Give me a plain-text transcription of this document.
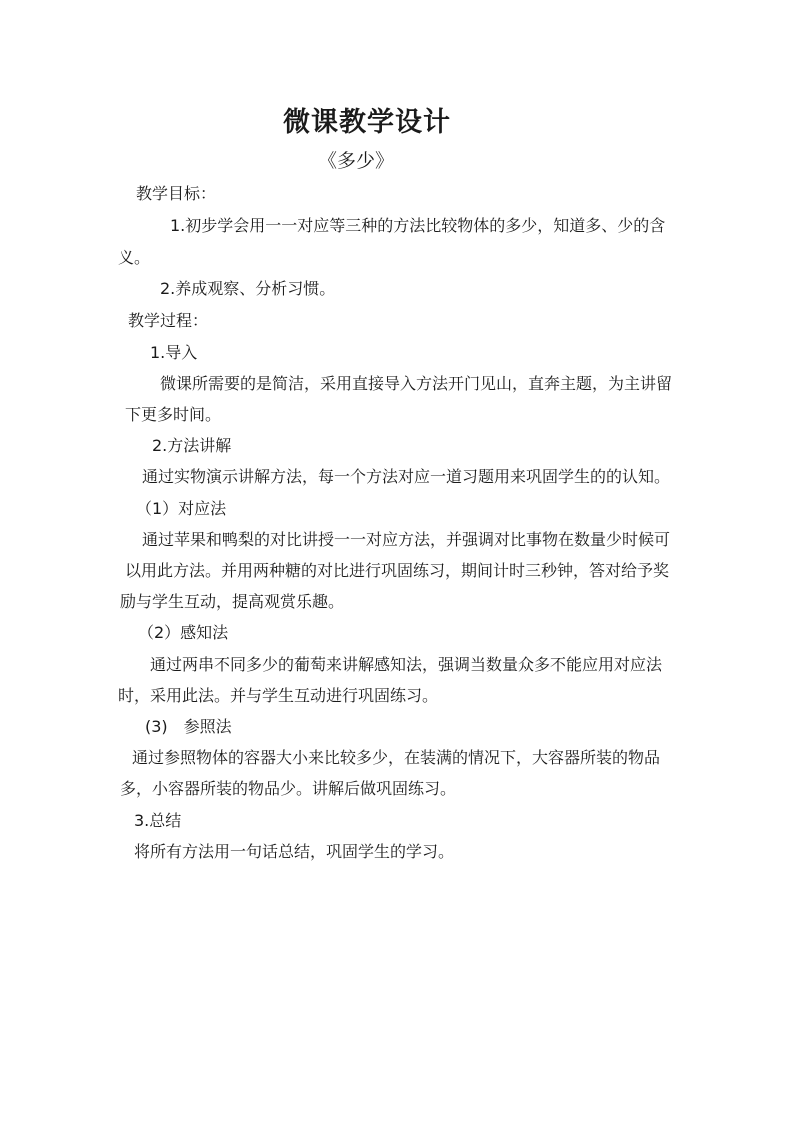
微课教学设计
《多少》

教学目标：

1.初步学会用一一对应等三种的方法比较物体的多少，知道多、少的含

义。

2.养成观察、分析习惯。

教学过程：

1.导入

微课所需要的是简洁，采用直接导入方法开门见山，直奔主题，为主讲留

下更多时间。

2.方法讲解

通过实物演示讲解方法，每一个方法对应一道习题用来巩固学生的的认知。

（1）对应法

通过苹果和鸭梨的对比讲授一一对应方法，并强调对比事物在数量少时候可

以用此方法。并用两种糖的对比进行巩固练习，期间计时三秒钟，答对给予奖

励与学生互动，提高观赏乐趣。

（2）感知法

通过两串不同多少的葡萄来讲解感知法，强调当数量众多不能应用对应法

时，采用此法。并与学生互动进行巩固练习。

(3)　参照法

通过参照物体的容器大小来比较多少，在装满的情况下，大容器所装的物品

多，小容器所装的物品少。讲解后做巩固练习。

3.总结

将所有方法用一句话总结，巩固学生的学习。
